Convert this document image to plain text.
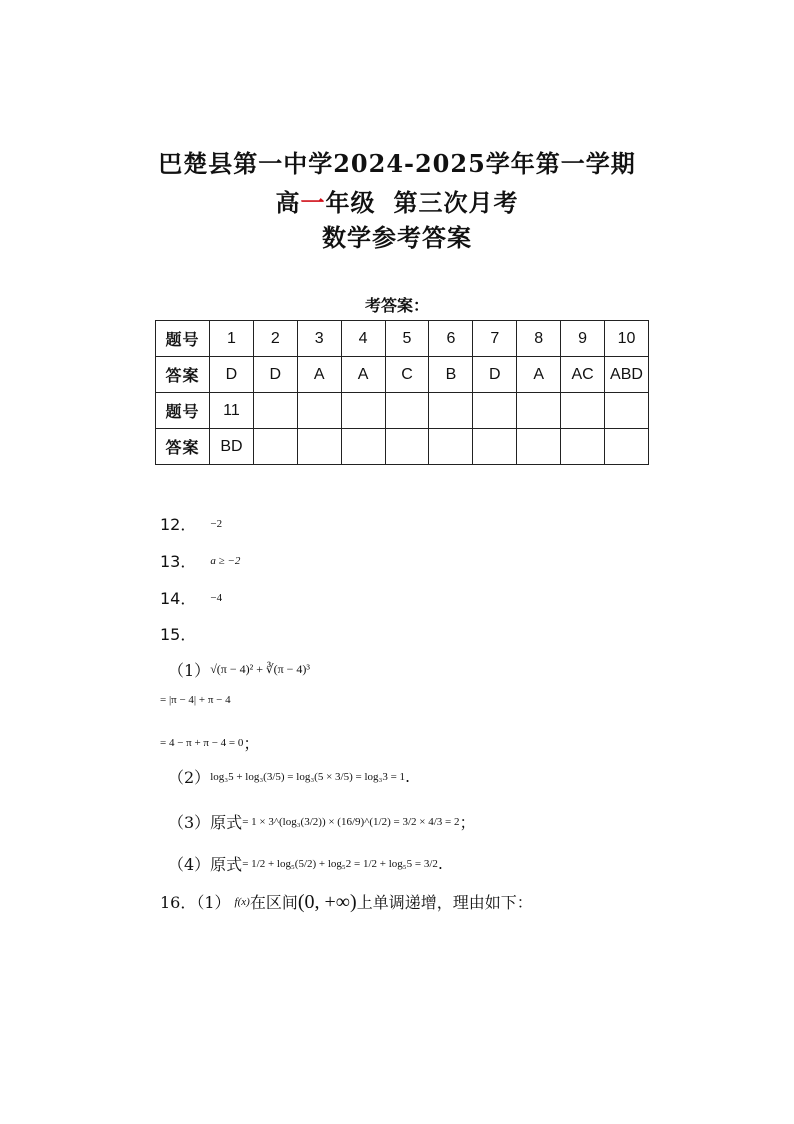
巴楚县第一中学2024-2025学年第一学期
高一年级 第三次月考
数学参考答案
考答案：
题号	1	2	3	4	5	6	7	8	9	10
答案	D	D	A	A	C	B	D	A	AC	ABD
题号	11									
答案	BD									
12． −2
13． a ≥ −2
14． −4
15．
（1） √(π − 4)² + ∛(π − 4)³
= |π − 4| + π − 4
= 4 − π + π − 4 = 0 ；
（2） log₃5 + log₃(3/5) = log₃(5 × 3/5) = log₃3 = 1 .
（3）原式 = 1 × 3^(log₃(3/2)) × (16/9)^(1/2) = 3/2 × 4/3 = 2 ；
（4）原式 = 1/2 + log₅(5/2) + log₅2 = 1/2 + log₅5 = 3/2 .
16．（1） f(x) 在区间 (0, +∞) 上单调递增，理由如下：
